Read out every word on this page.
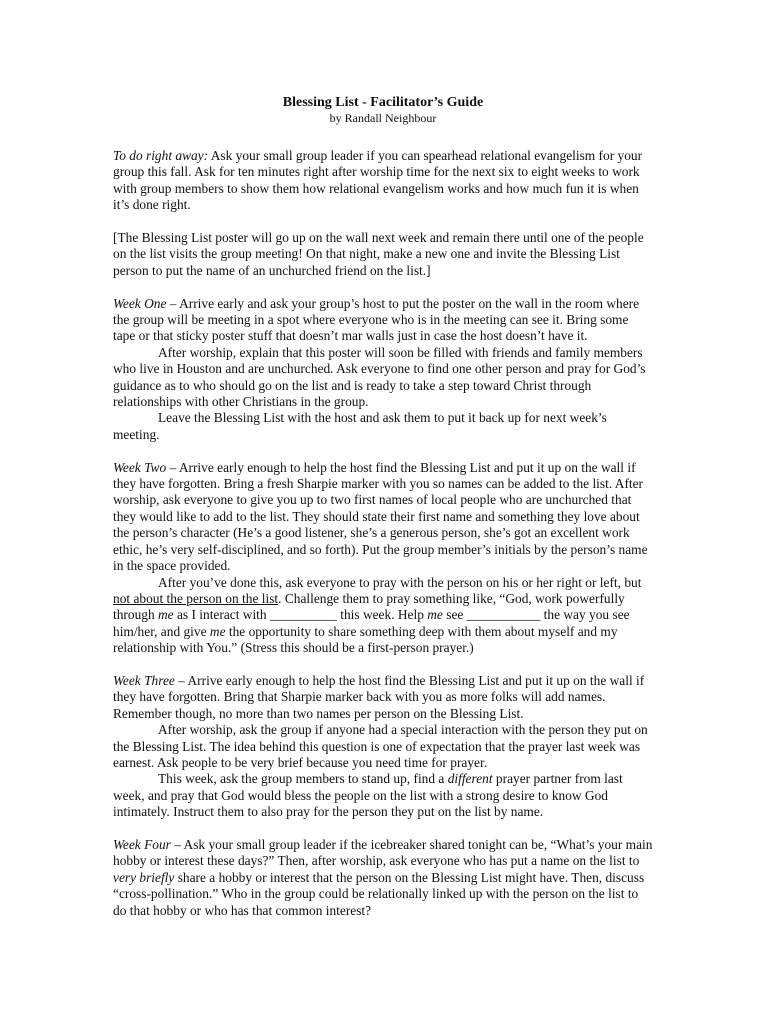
Blessing List - Facilitator’s Guide

by Randall Neighbour

To do right away: Ask your small group leader if you can spearhead relational evangelism for your group this fall. Ask for ten minutes right after worship time for the next six to eight weeks to work with group members to show them how relational evangelism works and how much fun it is when it’s done right.

[The Blessing List poster will go up on the wall next week and remain there until one of the people on the list visits the group meeting! On that night, make a new one and invite the Blessing List person to put the name of an unchurched friend on the list.]

Week One – Arrive early and ask your group’s host to put the poster on the wall in the room where the group will be meeting in a spot where everyone who is in the meeting can see it. Bring some tape or that sticky poster stuff that doesn’t mar walls just in case the host doesn’t have it.

After worship, explain that this poster will soon be filled with friends and family members who live in Houston and are unchurched. Ask everyone to find one other person and pray for God’s guidance as to who should go on the list and is ready to take a step toward Christ through relationships with other Christians in the group.

Leave the Blessing List with the host and ask them to put it back up for next week’s meeting.

Week Two – Arrive early enough to help the host find the Blessing List and put it up on the wall if they have forgotten. Bring a fresh Sharpie marker with you so names can be added to the list. After worship, ask everyone to give you up to two first names of local people who are unchurched that they would like to add to the list. They should state their first name and something they love about the person’s character (He’s a good listener, she’s a generous person, she’s got an excellent work ethic, he’s very self-disciplined, and so forth). Put the group member’s initials by the person’s name in the space provided.

After you’ve done this, ask everyone to pray with the person on his or her right or left, but not about the person on the list. Challenge them to pray something like, “God, work powerfully through me as I interact with __________ this week. Help me see ___________ the way you see him/her, and give me the opportunity to share something deep with them about myself and my relationship with You.” (Stress this should be a first-person prayer.)

Week Three – Arrive early enough to help the host find the Blessing List and put it up on the wall if they have forgotten. Bring that Sharpie marker back with you as more folks will add names. Remember though, no more than two names per person on the Blessing List.

After worship, ask the group if anyone had a special interaction with the person they put on the Blessing List. The idea behind this question is one of expectation that the prayer last week was earnest. Ask people to be very brief because you need time for prayer.

This week, ask the group members to stand up, find a different prayer partner from last week, and pray that God would bless the people on the list with a strong desire to know God intimately. Instruct them to also pray for the person they put on the list by name.

Week Four – Ask your small group leader if the icebreaker shared tonight can be, “What’s your main hobby or interest these days?” Then, after worship, ask everyone who has put a name on the list to very briefly share a hobby or interest that the person on the Blessing List might have. Then, discuss “cross-pollination.” Who in the group could be relationally linked up with the person on the list to do that hobby or who has that common interest?
